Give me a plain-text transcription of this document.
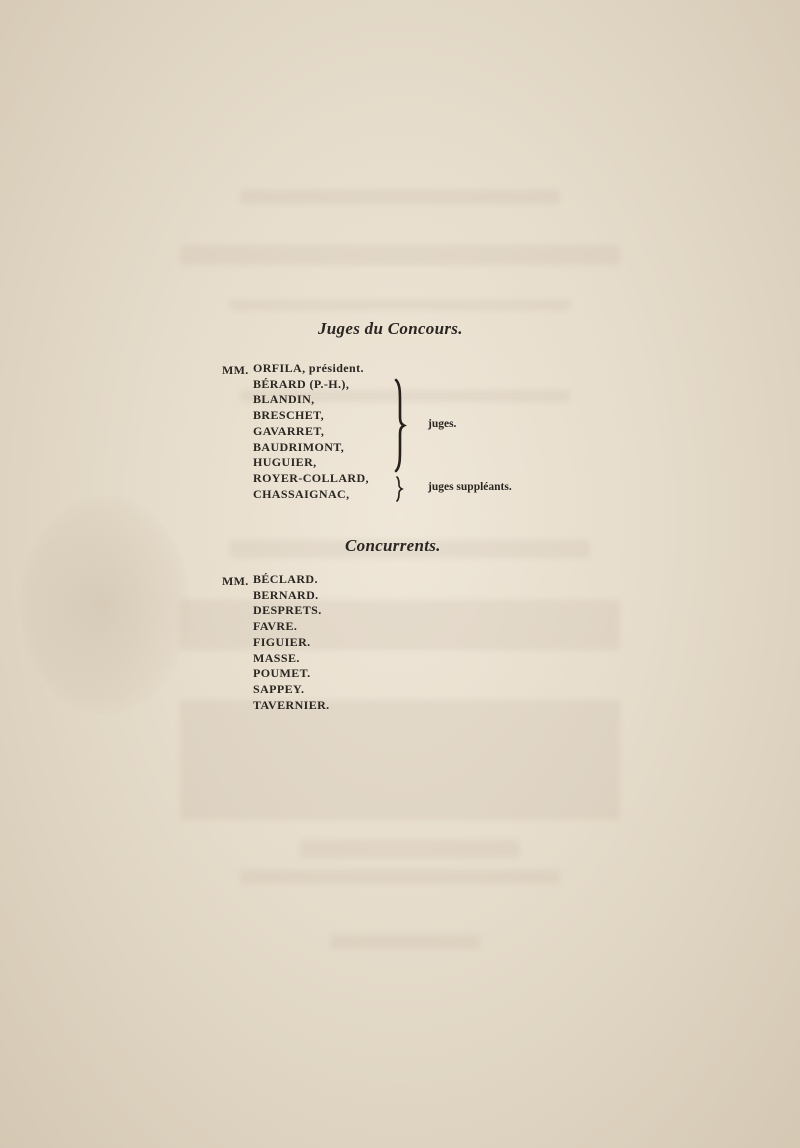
Juges du Concours.
MM. ORFILA, président.
BÉRARD (P.-H.),
BLANDIN,
BRESCHET,
GAVARRET,
BAUDRIMONT,
HUGUIER,
ROYER-COLLARD,
CHASSAIGNAC,
juges.
juges suppléants.
Concurrents.
MM. BÉCLARD.
BERNARD.
DESPRETS.
FAVRE.
FIGUIER.
MASSE.
POUMET.
SAPPEY.
TAVERNIER.
